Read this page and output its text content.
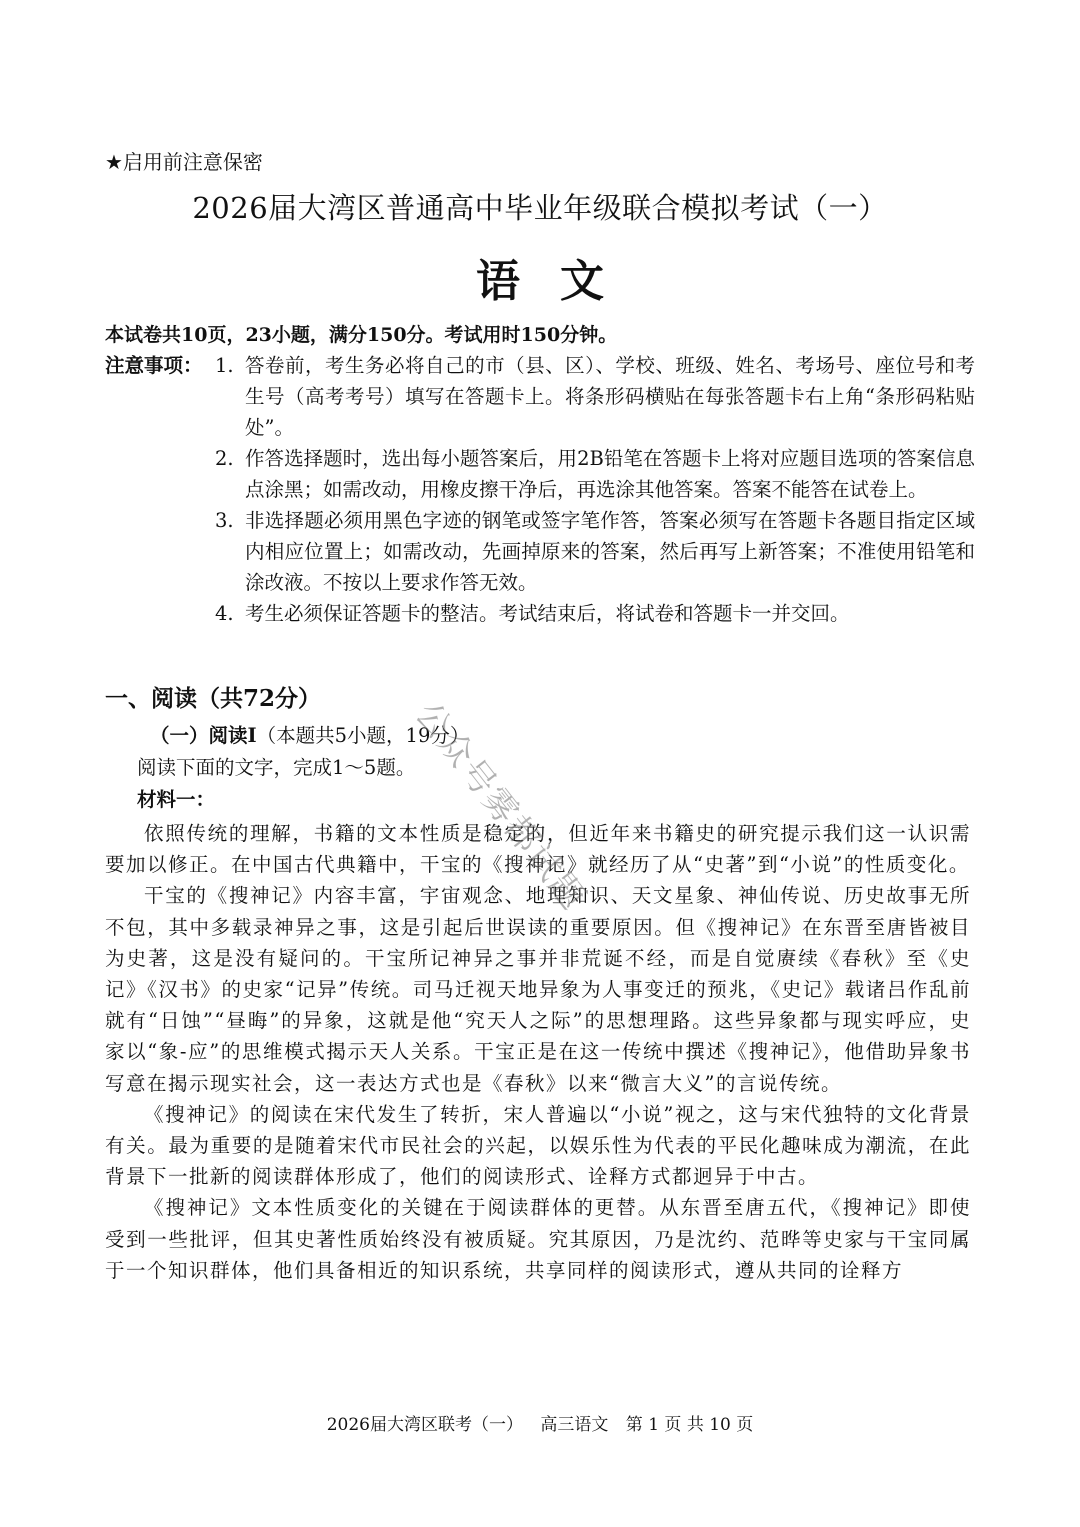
★启用前注意保密
2026届大湾区普通高中毕业年级联合模拟考试（一）
语文
本试卷共10页，23小题，满分150分。考试用时150分钟。
注意事项： 1. 答卷前，考生务必将自己的市（县、区）、学校、班级、姓名、考场号、座位号和考生号（高考考号）填写在答题卡上。将条形码横贴在每张答题卡右上角“条形码粘贴处”。
2. 作答选择题时，选出每小题答案后，用2B铅笔在答题卡上将对应题目选项的答案信息点涂黑；如需改动，用橡皮擦干净后，再选涂其他答案。答案不能答在试卷上。
3. 非选择题必须用黑色字迹的钢笔或签字笔作答，答案必须写在答题卡各题目指定区域内相应位置上；如需改动，先画掉原来的答案，然后再写上新答案；不准使用铅笔和涂改液。不按以上要求作答无效。
4. 考生必须保证答题卡的整洁。考试结束后，将试卷和答题卡一并交回。
一、阅读（共72分）
（一）阅读I（本题共5小题，19分）
阅读下面的文字，完成1～5题。
材料一：

依照传统的理解，书籍的文本性质是稳定的，但近年来书籍史的研究提示我们这一认识需要加以修正。在中国古代典籍中，干宝的《搜神记》就经历了从“史著”到“小说”的性质变化。

干宝的《搜神记》内容丰富，宇宙观念、地理知识、天文星象、神仙传说、历史故事无所不包，其中多载录神异之事，这是引起后世误读的重要原因。但《搜神记》在东晋至唐皆被目为史著，这是没有疑问的。干宝所记神异之事并非荒诞不经，而是自觉赓续《春秋》至《史记》《汉书》的史家“记异”传统。司马迁视天地异象为人事变迁的预兆，《史记》载诸吕作乱前就有“日蚀”“昼晦”的异象，这就是他“究天人之际”的思想理路。这些异象都与现实呼应，史家以“象-应”的思维模式揭示天人关系。干宝正是在这一传统中撰述《搜神记》，他借助异象书写意在揭示现实社会，这一表达方式也是《春秋》以来“微言大义”的言说传统。

《搜神记》的阅读在宋代发生了转折，宋人普遍以“小说”视之，这与宋代独特的文化背景有关。最为重要的是随着宋代市民社会的兴起，以娱乐性为代表的平民化趣味成为潮流，在此背景下一批新的阅读群体形成了，他们的阅读形式、诠释方式都迥异于中古。

《搜神记》文本性质变化的关键在于阅读群体的更替。从东晋至唐五代，《搜神记》即使受到一些批评，但其史著性质始终没有被质疑。究其原因，乃是沈约、范晔等史家与干宝同属于一个知识群体，他们具备相近的知识系统，共享同样的阅读形式，遵从共同的诠释方

2026届大湾区联考（一） 高三语文 第 1 页 共 10 页
公众号雾都试题
